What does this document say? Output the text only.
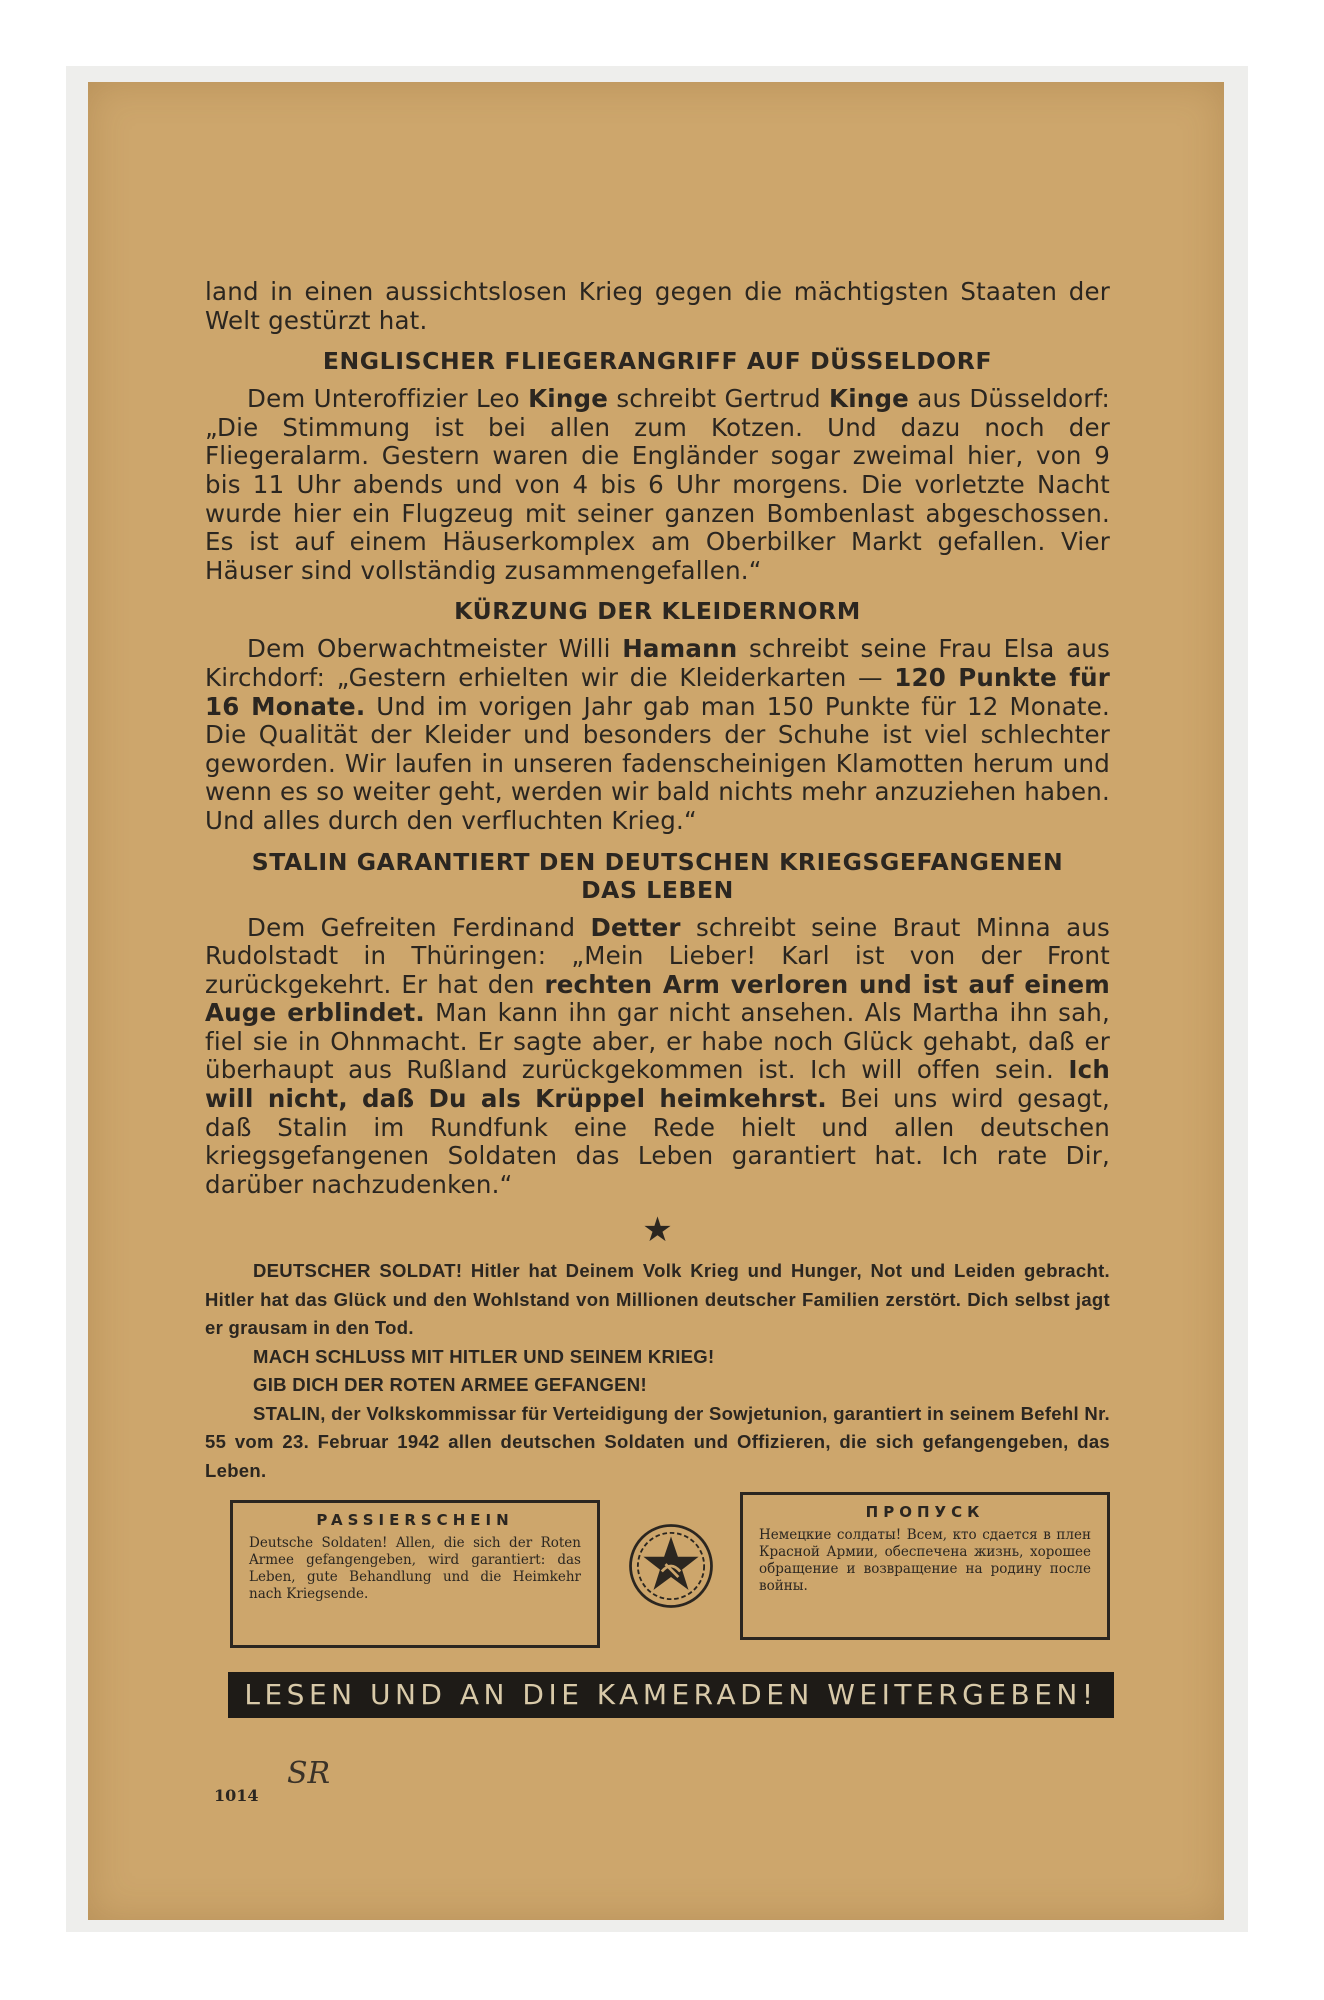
land in einen aussichtslosen Krieg gegen die mächtigsten Staaten der Welt gestürzt hat.

ENGLISCHER FLIEGERANGRIFF AUF DÜSSELDORF

Dem Unteroffizier Leo Kinge schreibt Gertrud Kinge aus Düsseldorf: „Die Stimmung ist bei allen zum Kotzen. Und dazu noch der Fliegeralarm. Gestern waren die Engländer sogar zweimal hier, von 9 bis 11 Uhr abends und von 4 bis 6 Uhr morgens. Die vorletzte Nacht wurde hier ein Flugzeug mit seiner ganzen Bombenlast abgeschossen. Es ist auf einem Häuserkomplex am Oberbilker Markt gefallen. Vier Häuser sind vollständig zusammengefallen.“

KÜRZUNG DER KLEIDERNORM

Dem Oberwachtmeister Willi Hamann schreibt seine Frau Elsa aus Kirchdorf: „Gestern erhielten wir die Kleiderkarten — 120 Punkte für 16 Monate. Und im vorigen Jahr gab man 150 Punkte für 12 Monate. Die Qualität der Kleider und besonders der Schuhe ist viel schlechter geworden. Wir laufen in unseren fadenscheinigen Klamotten herum und wenn es so weiter geht, werden wir bald nichts mehr anzuziehen haben. Und alles durch den verfluchten Krieg.“

STALIN GARANTIERT DEN DEUTSCHEN KRIEGSGEFANGENEN
DAS LEBEN

Dem Gefreiten Ferdinand Detter schreibt seine Braut Minna aus Rudolstadt in Thüringen: „Mein Lieber! Karl ist von der Front zurückgekehrt. Er hat den rechten Arm verloren und ist auf einem Auge erblindet. Man kann ihn gar nicht ansehen. Als Martha ihn sah, fiel sie in Ohnmacht. Er sagte aber, er habe noch Glück gehabt, daß er überhaupt aus Rußland zurückgekommen ist. Ich will offen sein. Ich will nicht, daß Du als Krüppel heimkehrst. Bei uns wird gesagt, daß Stalin im Rundfunk eine Rede hielt und allen deutschen kriegsgefangenen Soldaten das Leben garantiert hat. Ich rate Dir, darüber nachzudenken.“

★

DEUTSCHER SOLDAT! Hitler hat Deinem Volk Krieg und Hunger, Not und Leiden gebracht. Hitler hat das Glück und den Wohlstand von Millionen deutscher Familien zerstört. Dich selbst jagt er grausam in den Tod.

MACH SCHLUSS MIT HITLER UND SEINEM KRIEG!

GIB DICH DER ROTEN ARMEE GEFANGEN!

STALIN, der Volkskommissar für Verteidigung der Sowjetunion, garantiert in seinem Befehl Nr. 55 vom 23. Februar 1942 allen deutschen Soldaten und Offizieren, die sich gefangengeben, das Leben.

PASSIERSCHEIN

Deutsche Soldaten! Allen, die sich der Roten Armee gefangengeben, wird garantiert: das Leben, gute Behandlung und die Heimkehr nach Kriegsende.

ПРОПУСК

Немецкие солдаты! Всем, кто сдается в плен Красной Армии, обеспечена жизнь, хорошее обращение и возвращение на родину после войны.

LESEN UND AN DIE KAMERADEN WEITERGEBEN!
1014
SR
